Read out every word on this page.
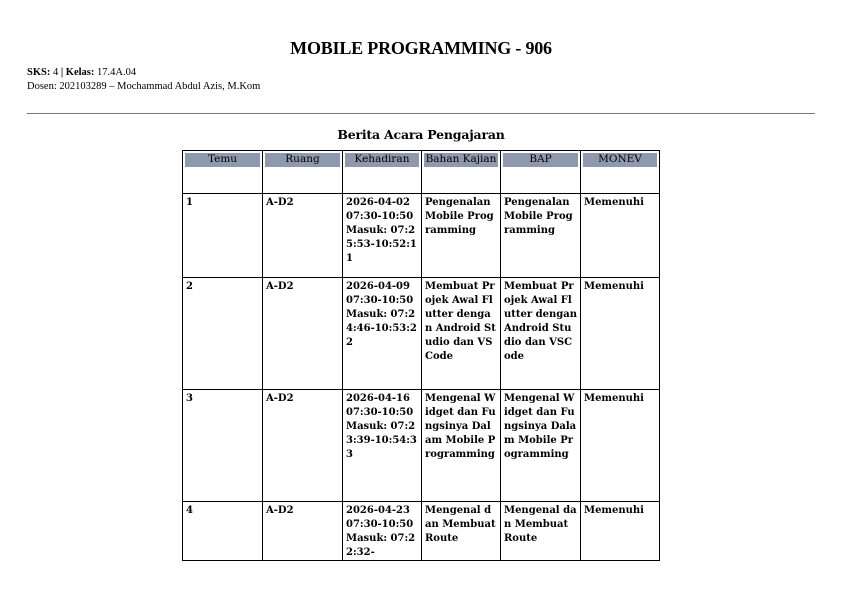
MOBILE PROGRAMMING - 906
SKS: 4 | Kelas: 17.4A.04
Dosen: 202103289 – Mochammad Abdul Azis, M.Kom
Berita Acara Pengajaran
Temu	Ruang	Kehadiran	Bahan Kajian	BAP	MONEV

1	A-D2	2026-04-02 07:30-10:50 Masuk: 07:25:53-10:52:11	Pengenalan Mobile Programming	Pengenalan Mobile Programming	Memenuhi

2	A-D2	2026-04-09 07:30-10:50 Masuk: 07:24:46-10:53:22	Membuat Projek Awal Flutter dengan Android Studio dan VSCode	Membuat Projek Awal Flutter dengan Android Studio dan VSCode	Memenuhi

3	A-D2	2026-04-16 07:30-10:50 Masuk: 07:23:39-10:54:33	Mengenal Widget dan Fungsinya Dalam Mobile Programming	Mengenal Widget dan Fungsinya Dalam Mobile Programming	Memenuhi

4	A-D2	2026-04-23 07:30-10:50 Masuk: 07:22:32-	Mengenal dan Membuat Route	Mengenal dan Membuat Route	Memenuhi
